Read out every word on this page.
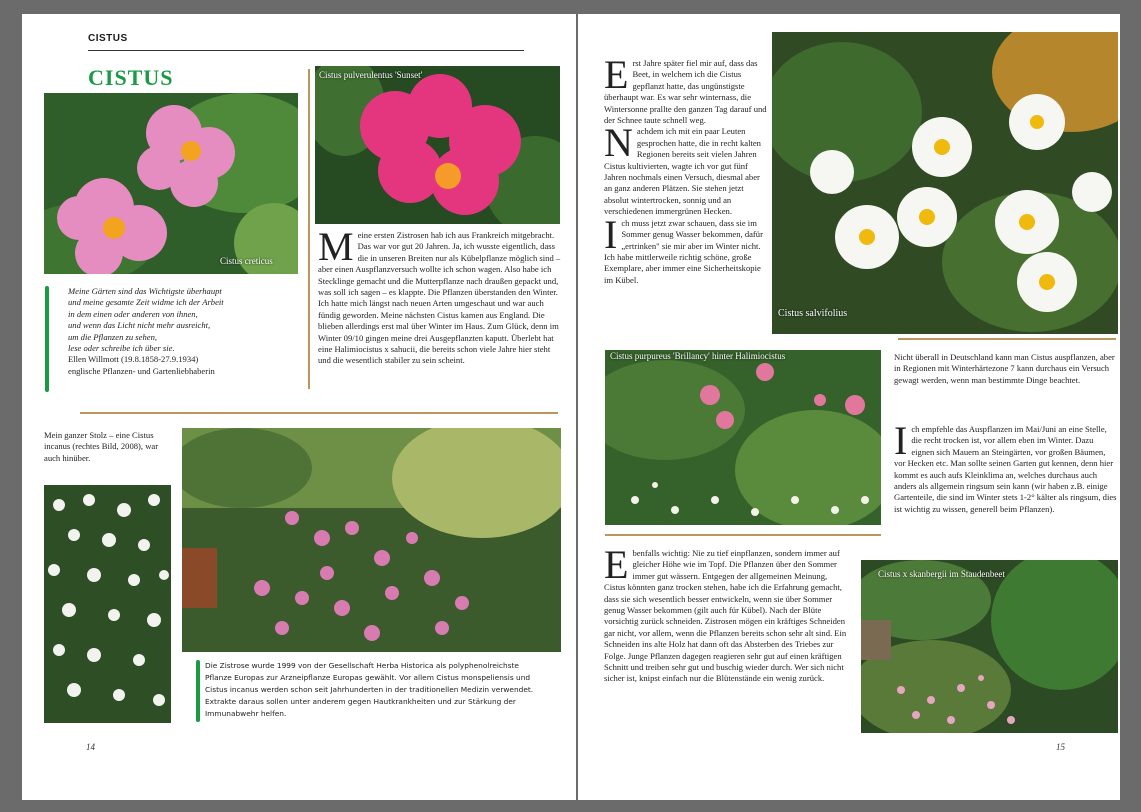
CISTUS
CISTUS
Cistus creticus
Cistus pulverulentus 'Sunset'
Meine Gärten sind das Wichtigste überhaupt
und meine gesamte Zeit widme ich der Arbeit
in dem einen oder anderen von ihnen,
und wenn das Licht nicht mehr ausreicht,
um die Pflanzen zu sehen,
lese oder schreibe ich über sie.
Ellen Willmott (19.8.1858-27.9.1934)
englische Pflanzen- und Gartenliebhaberin

Meine ersten Zistrosen hab ich aus Frankreich mitgebracht. Das war vor gut 20 Jahren. Ja, ich wusste eigentlich, dass die in unseren Breiten nur als Kübelpflanze möglich sind – aber einen Auspflanzversuch wollte ich schon wagen. Also habe ich Stecklinge gemacht und die Mutterpflanze nach draußen gepackt und, was soll ich sagen – es klappte. Die Pflanzen überstanden den Winter. Ich hatte mich längst nach neuen Arten umgeschaut und war auch fündig geworden. Meine nächsten Cistus kamen aus England. Die blieben allerdings erst mal über Winter im Haus. Zum Glück, denn im Winter 09/10 gingen meine drei Ausgepflanzten kaputt. Überlebt hat eine Halimiocistus x sahucii, die bereits schon viele Jahre hier steht und die wesentlich stabiler zu sein scheint.

Mein ganzer Stolz – eine Cistus incanus (rechtes Bild, 2008), war auch hinüber.
Die Zistrose wurde 1999 von der Gesellschaft Herba Historica als polyphenolreichste Pflanze Europas zur Arzneipflanze Europas gewählt. Vor allem Cistus monspeliensis und Cistus incanus werden schon seit Jahrhunderten in der traditionellen Medizin verwendet. Extrakte daraus sollen unter anderem gegen Hautkrankheiten und zur Stärkung der Immunabwehr helfen.
14

Erst Jahre später fiel mir auf, dass das Beet, in welchem ich die Cistus gepflanzt hatte, das ungünstigste überhaupt war. Es war sehr winternass, die Wintersonne prallte den ganzen Tag darauf und der Schnee taute schnell weg.

Nachdem ich mit ein paar Leuten gesprochen hatte, die in recht kalten Regionen bereits seit vielen Jahren Cistus kultivierten, wagte ich vor gut fünf Jahren nochmals einen Versuch, diesmal aber an ganz anderen Plätzen. Sie stehen jetzt absolut wintertrocken, sonnig und an verschiedenen immergrünen Hecken.

Ich muss jetzt zwar schauen, dass sie im Sommer genug Wasser bekommen, dafür „ertrinken" sie mir aber im Winter nicht. Ich habe mittlerweile richtig schöne, große Exemplare, aber immer eine Sicherheitskopie im Kübel.

Cistus salvifolius
Cistus purpureus 'Brillancy' hinter Halimiocistus	Nicht überall in Deutschland kann man Cistus auspflanzen, aber in Regionen mit Winterhärtezone 7 kann durchaus ein Versuch gewagt werden, wenn man bestimmte Dinge beachtet.

Ich empfehle das Auspflanzen im Mai/Juni an eine Stelle, die recht trocken ist, vor allem eben im Winter. Dazu eignen sich Mauern an Steingärten, vor großen Bäumen, vor Hecken etc. Man sollte seinen Garten gut kennen, denn hier kommt es auch aufs Kleinklima an, welches durchaus auch anders als allgemein ringsum sein kann (wir haben z.B. einige Gartenteile, die sind im Winter stets 1-2° kälter als ringsum, dies ist wichtig zu wissen, generell beim Pflanzen).

Ebenfalls wichtig: Nie zu tief einpflanzen, sondern immer auf gleicher Höhe wie im Topf. Die Pflanzen über den Sommer immer gut wässern. Entgegen der allgemeinen Meinung, Cistus könnten ganz trocken stehen, habe ich die Erfahrung gemacht, dass sie sich wesentlich besser entwickeln, wenn sie über Sommer genug Wasser bekommen (gilt auch für Kübel). Nach der Blüte vorsichtig zurück schneiden. Zistrosen mögen ein kräftiges Schneiden gar nicht, vor allem, wenn die Pflanzen bereits schon sehr alt sind. Ein Schneiden ins alte Holz hat dann oft das Absterben des Triebes zur Folge. Junge Pflanzen dagegen reagieren sehr gut auf einen kräftigen Schnitt und treiben sehr gut und buschig wieder durch. Wer sich nicht sicher ist, knipst einfach nur die Blütenstände ein wenig zurück.

Cistus x skanbergii im Staudenbeet
15
